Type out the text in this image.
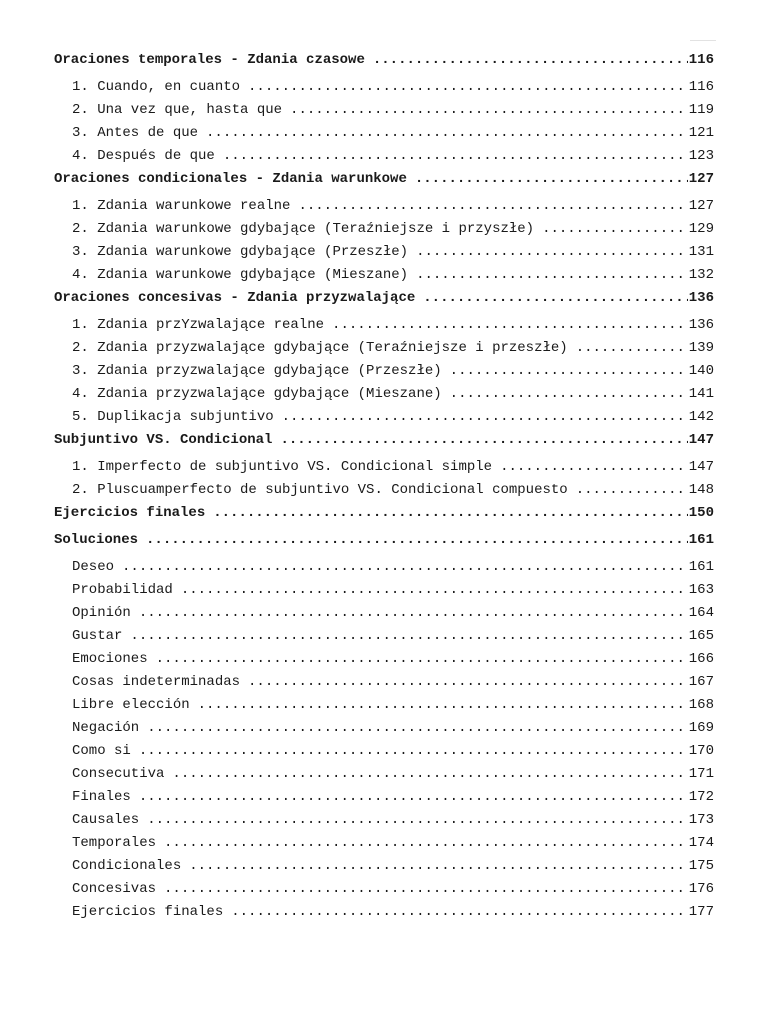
Oraciones temporales - Zdania czasowe .....	116
1. Cuando, en cuanto .....	116
2. Una vez que, hasta que .....	119
3. Antes de que .....	121
4. Después de que .....	123
Oraciones condicionales - Zdania warunkowe .....	127
1. Zdania warunkowe realne .....	127
2. Zdania warunkowe gdybające (Teraźniejsze i przyszłe) .....	129
3. Zdania warunkowe gdybające (Przeszłe) .....	131
4. Zdania warunkowe gdybające (Mieszane) .....	132
Oraciones concesivas - Zdania przyzwalające .....	136
1. Zdania przYzwalające realne .....	136
2. Zdania przyzwalające gdybające (Teraźniejsze i przeszłe) .....	139
3. Zdania przyzwalające gdybające (Przeszłe) .....	140
4. Zdania przyzwalające gdybające (Mieszane) .....	141
5. Duplikacja subjuntivo .....	142
Subjuntivo VS. Condicional .....	147
1. Imperfecto de subjuntivo VS. Condicional simple .....	147
2. Pluscuamperfecto de subjuntivo VS. Condicional compuesto .....	148
Ejercicios finales .....	150
Soluciones .....	161
Deseo .....	161
Probabilidad .....	163
Opinión .....	164
Gustar .....	165
Emociones .....	166
Cosas indeterminadas .....	167
Libre elección .....	168
Negación .....	169
Como si .....	170
Consecutiva .....	171
Finales .....	172
Causales .....	173
Temporales .....	174
Condicionales .....	175
Concesivas .....	176
Ejercicios finales .....	177
